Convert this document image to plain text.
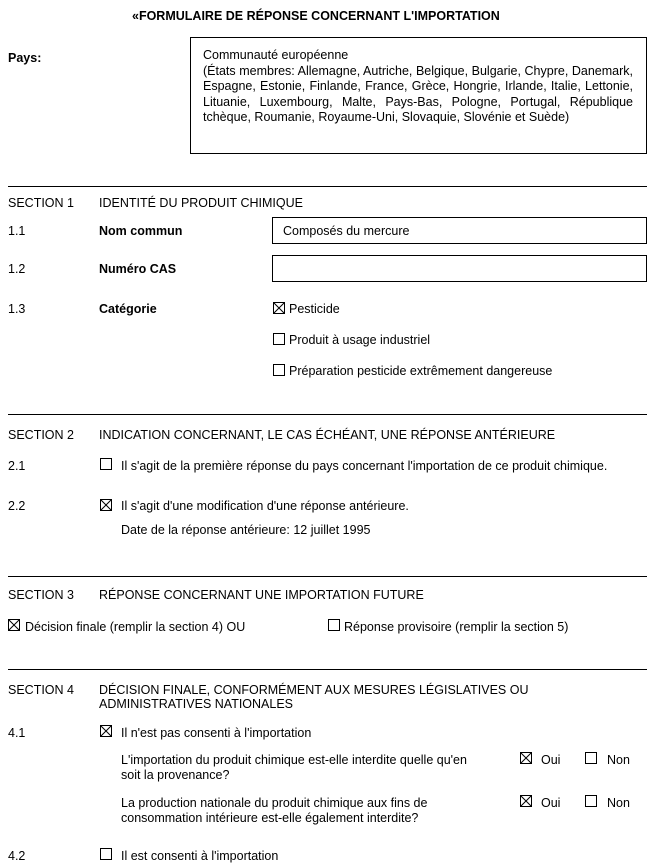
«FORMULAIRE DE RÉPONSE CONCERNANT L'IMPORTATION
Pays:	Communauté européenne
(États membres: Allemagne, Autriche, Belgique, Bulgarie, Chypre, Danemark, Espagne, Estonie, Finlande, France, Grèce, Hongrie, Irlande, Italie, Lettonie, Lituanie, Luxembourg, Malte, Pays-Bas, Pologne, Portugal, République tchèque, Roumanie, Royaume-Uni, Slovaquie, Slovénie et Suède)
SECTION 1 IDENTITÉ DU PRODUIT CHIMIQUE
1.1	Nom commun	Composés du mercure
1.2	Numéro CAS
1.3	Catégorie	Pesticide
Produit à usage industriel
Préparation pesticide extrêmement dangereuse
SECTION 2 INDICATION CONCERNANT, LE CAS ÉCHÉANT, UNE RÉPONSE ANTÉRIEURE
2.1	Il s'agit de la première réponse du pays concernant l'importation de ce produit chimique.
2.2	Il s'agit d'une modification d'une réponse antérieure.
Date de la réponse antérieure: 12 juillet 1995
SECTION 3 RÉPONSE CONCERNANT UNE IMPORTATION FUTURE
Décision finale (remplir la section 4) OU	Réponse provisoire (remplir la section 5)
SECTION 4 DÉCISION FINALE, CONFORMÉMENT AUX MESURES LÉGISLATIVES OU
ADMINISTRATIVES NATIONALES
4.1	Il n'est pas consenti à l'importation
L'importation du produit chimique est-elle interdite quelle qu'en
soit la provenance?
Oui	Non
La production nationale du produit chimique aux fins de
consommation intérieure est-elle également interdite?
Oui	Non
4.2	Il est consenti à l'importation
